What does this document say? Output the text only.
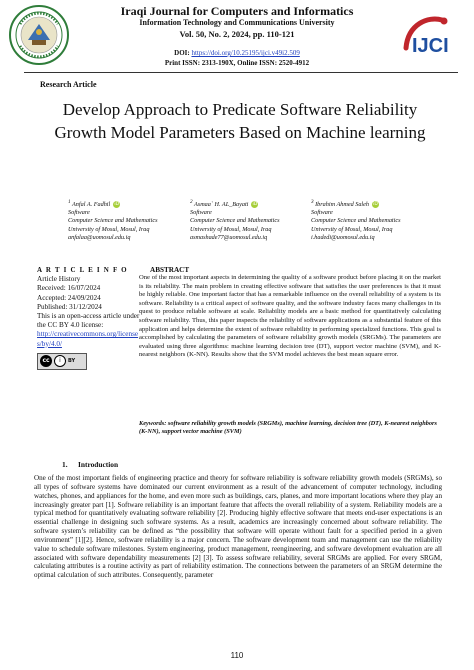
Iraqi Journal for Computers and Informatics
Information Technology and Communications University
Vol. 50, No. 2, 2024, pp. 110-121
DOI: https://doi.org/10.25195/ijci.v49i2.509
Print ISSN: 2313-190X, Online ISSN: 2520-4912
IJCI
Research Article
Develop Approach to Predicate Software Reliability Growth Model Parameters Based on Machine learning
$^1$ Anfal A. Fadhil iD
Software
Computer Science and Mathematics
University of Mosul, Mosul, Iraq
anfalaa@uomosul.edu.iq
$^2$ Asmaa` H. AL_Bayati iD
Software
Computer Science and Mathematics
University of Mosul, Mosul, Iraq
asmashade77@uomosul.edu.iq
$^3$ Ibrahim Ahmed Saleh iD
Software
Computer Science and Mathematics
University of Mosul, Mosul, Iraq
i.hadedi@uomosul.edu.iq
A R T I C L E I N F O
Article History
Received: 16/07/2024
Accepted: 24/09/2024
Published: 31/12/2024
This is an open-access article under the CC BY 4.0 license:
http://creativecommons.org/licenses/by/4.0/
cc	i	BY
ABSTRACT
One of the most important aspects in determining the quality of a software product before placing it on the market is its reliability. The main problem in creating effective software that satisfies the user preferences is that it must be highly reliable. One important factor that has a remarkable influence on the overall reliability of a system is its software. Reliability is a critical aspect of software quality, and the software industry faces many challenges in its quest to produce reliable software at scale. Reliability models are a basic method for quantitatively calculating software reliability. Thus, this paper inspects the reliability of software applications as a substantial feature of this application and helps determine the extent of software reliability in performing specialized functions. This goal is accomplished by calculating the parameters of software reliability growth models (SRGMs). The parameters are evaluated using three algorithms: machine learning decision tree (DT), support vector machine (SVM), and K-nearest neighbors (K-NN). Results show that the SVM model achieves the best mean square error.
Keywords: software reliability growth models (SRGMs), machine learning, decision tree (DT), K-nearest neighbors (K-NN), support vector machine (SVM)
1. Introduction
One of the most important fields of engineering practice and theory for software reliability is software reliability growth models (SRGMs), so all types of software systems have dominated our current environment as a result of the advancement of computer technology, including watches, phones, and appliances for the home, and even more such as buildings, cars, planes, and more important locations where they play an increasingly greater part [1]. Software reliability is an important feature that affects the overall reliability of a system. Reliability models are a typical method for quantitatively evaluating software reliability [2]. Producing highly effective software that meets end-user expectations is an essential challenge in designing such software systems. As a result, academics are increasingly concerned about software reliability. The software system’s reliability can be defined as “the possibility that software will operate without fault for a specified period in a given environment” [1][2]. Hence, software reliability is a major concern. The software development team and management can use the reliability value to schedule software milestones. System engineering, product management, reengineering, and software development evaluation are all associated with software dependability measurements [2] [3]. To assess software reliability, several SRGMs are applied. For every SRGM, calculating attributes is a routine activity as part of reliability estimation. The connections between the parameters of an SRGM determine the optimal calculation of such attributes. Consequently, parameter
110
